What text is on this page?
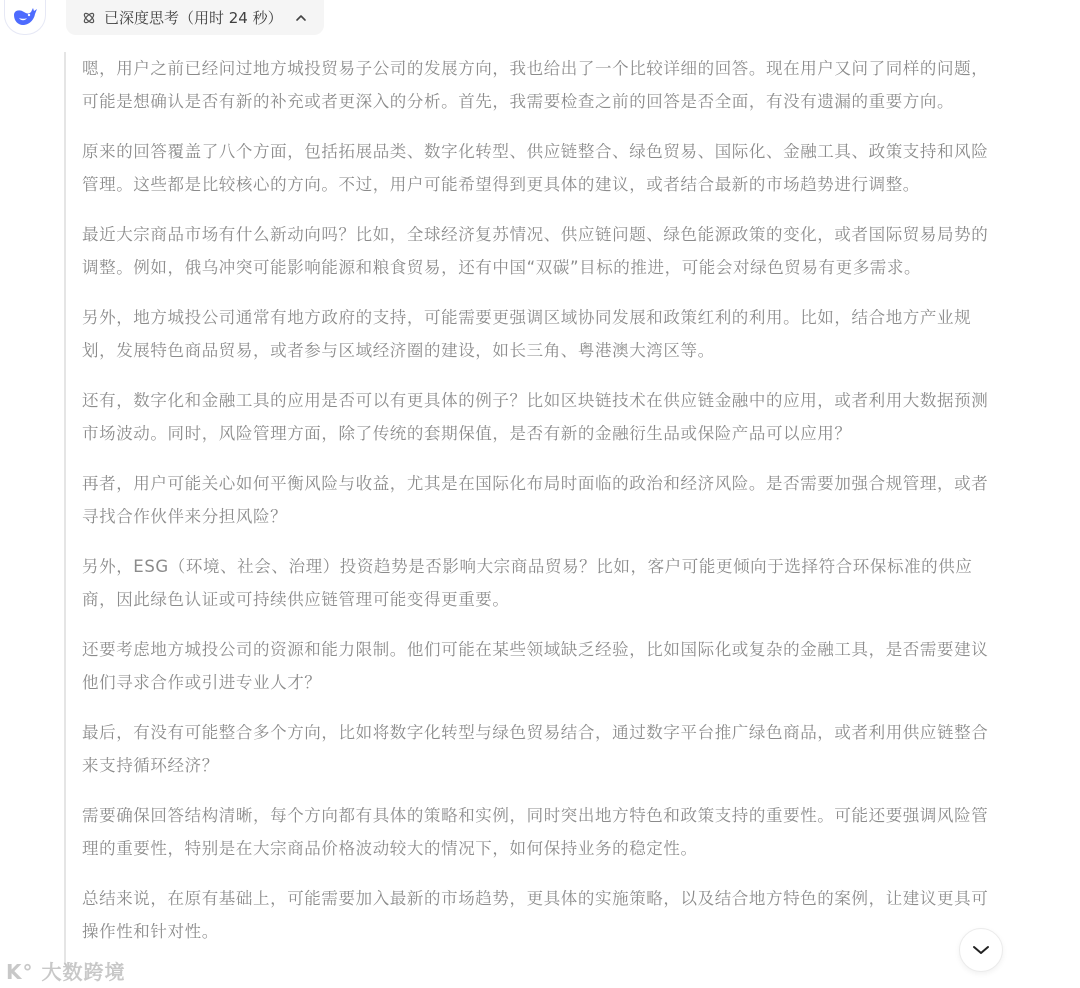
已深度思考（用时 24 秒）

嗯，用户之前已经问过地方城投贸易子公司的发展方向，我也给出了一个比较详细的回答。现在用户又问了同样的问题，可能是想确认是否有新的补充或者更深入的分析。首先，我需要检查之前的回答是否全面，有没有遗漏的重要方向。

原来的回答覆盖了八个方面，包括拓展品类、数字化转型、供应链整合、绿色贸易、国际化、金融工具、政策支持和风险管理。这些都是比较核心的方向。不过，用户可能希望得到更具体的建议，或者结合最新的市场趋势进行调整。

最近大宗商品市场有什么新动向吗？比如，全球经济复苏情况、供应链问题、绿色能源政策的变化，或者国际贸易局势的调整。例如，俄乌冲突可能影响能源和粮食贸易，还有中国“双碳”目标的推进，可能会对绿色贸易有更多需求。

另外，地方城投公司通常有地方政府的支持，可能需要更强调区域协同发展和政策红利的利用。比如，结合地方产业规划，发展特色商品贸易，或者参与区域经济圈的建设，如长三角、粤港澳大湾区等。

还有，数字化和金融工具的应用是否可以有更具体的例子？比如区块链技术在供应链金融中的应用，或者利用大数据预测市场波动。同时，风险管理方面，除了传统的套期保值，是否有新的金融衍生品或保险产品可以应用？

再者，用户可能关心如何平衡风险与收益，尤其是在国际化布局时面临的政治和经济风险。是否需要加强合规管理，或者寻找合作伙伴来分担风险？

另外，ESG（环境、社会、治理）投资趋势是否影响大宗商品贸易？比如，客户可能更倾向于选择符合环保标准的供应商，因此绿色认证或可持续供应链管理可能变得更重要。

还要考虑地方城投公司的资源和能力限制。他们可能在某些领域缺乏经验，比如国际化或复杂的金融工具，是否需要建议他们寻求合作或引进专业人才？

最后，有没有可能整合多个方向，比如将数字化转型与绿色贸易结合，通过数字平台推广绿色商品，或者利用供应链整合来支持循环经济？

需要确保回答结构清晰，每个方向都有具体的策略和实例，同时突出地方特色和政策支持的重要性。可能还要强调风险管理的重要性，特别是在大宗商品价格波动较大的情况下，如何保持业务的稳定性。

总结来说，在原有基础上，可能需要加入最新的市场趋势，更具体的实施策略，以及结合地方特色的案例，让建议更具可操作性和针对性。

K° 大数跨境
